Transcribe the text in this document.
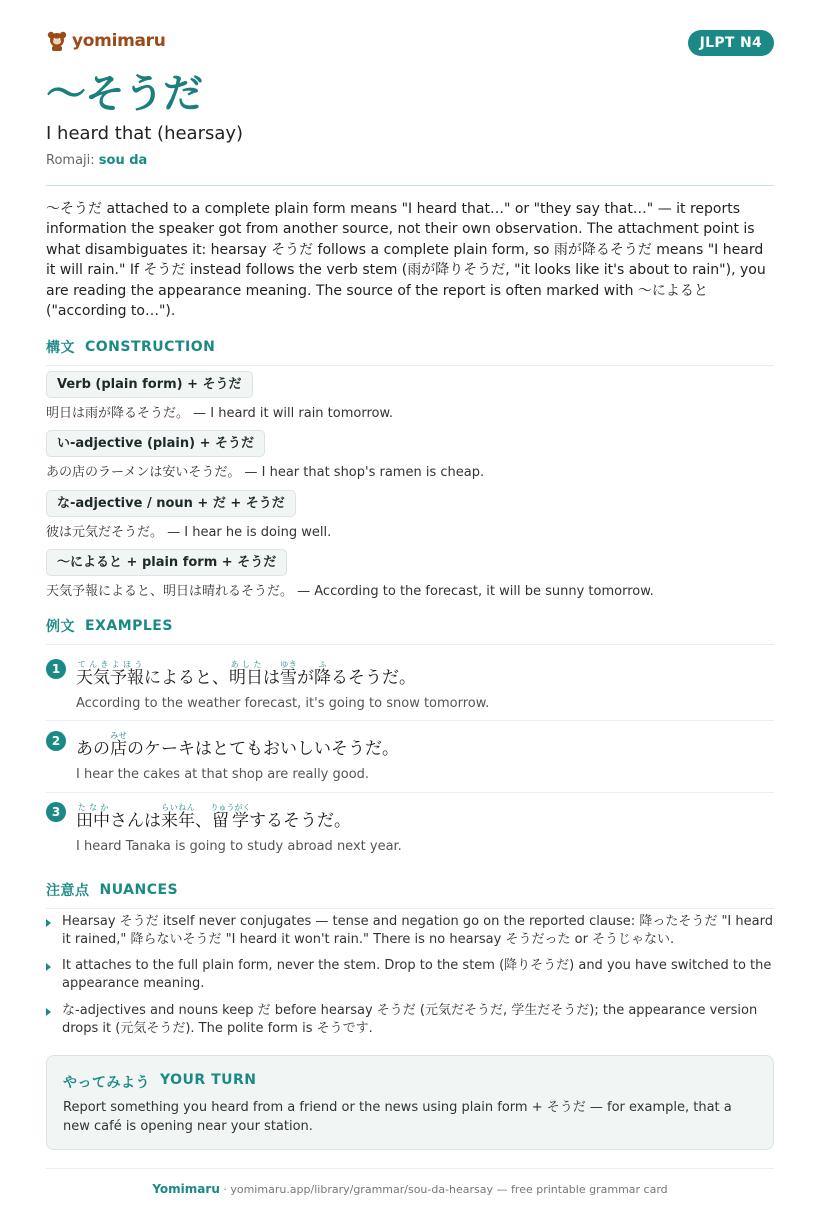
yomimaru	JLPT N4
〜そうだ
I heard that (hearsay)
Romaji: sou da

〜そうだ attached to a complete plain form means "I heard that…" or "they say that…" — it reports information the speaker got from another source, not their own observation. The attachment point is what disambiguates it: hearsay そうだ follows a complete plain form, so 雨が降るそうだ means "I heard it will rain." If そうだ instead follows the verb stem (雨が降りそうだ, "it looks like it's about to rain"), you are reading the appearance meaning. The source of the report is often marked with 〜によると ("according to…").

構文 CONSTRUCTION
Verb (plain form) + そうだ
明日は雨が降るそうだ。 — I heard it will rain tomorrow.
い-adjective (plain) + そうだ
あの店のラーメンは安いそうだ。 — I hear that shop's ramen is cheap.
な-adjective / noun + だ + そうだ
彼は元気だそうだ。 — I hear he is doing well.
〜によると + plain form + そうだ
天気予報によると、明日は晴れるそうだ。 — According to the forecast, it will be sunny tomorrow.
例文 EXAMPLES
1 天気予報てんきよほうによると、明日あしたは雪ゆきが降ふるそうだ。
According to the weather forecast, it's going to snow tomorrow.
2 あの店みせのケーキはとてもおいしいそうだ。
I hear the cakes at that shop are really good.
3 田中たなかさんは来年らいねん、留学りゅうがくするそうだ。
I heard Tanaka is going to study abroad next year.
注意点 NUANCES

Hearsay そうだ itself never conjugates — tense and negation go on the reported clause: 降ったそうだ "I heard it rained," 降らないそうだ "I heard it won't rain." There is no hearsay そうだった or そうじゃない.

It attaches to the full plain form, never the stem. Drop to the stem (降りそうだ) and you have switched to the appearance meaning.

な-adjectives and nouns keep だ before hearsay そうだ (元気だそうだ, 学生だそうだ); the appearance version drops it (元気そうだ). The polite form is そうです.

やってみよう YOUR TURN

Report something you heard from a friend or the news using plain form + そうだ — for example, that a new café is opening near your station.

Yomimaru · yomimaru.app/library/grammar/sou-da-hearsay — free printable grammar card
